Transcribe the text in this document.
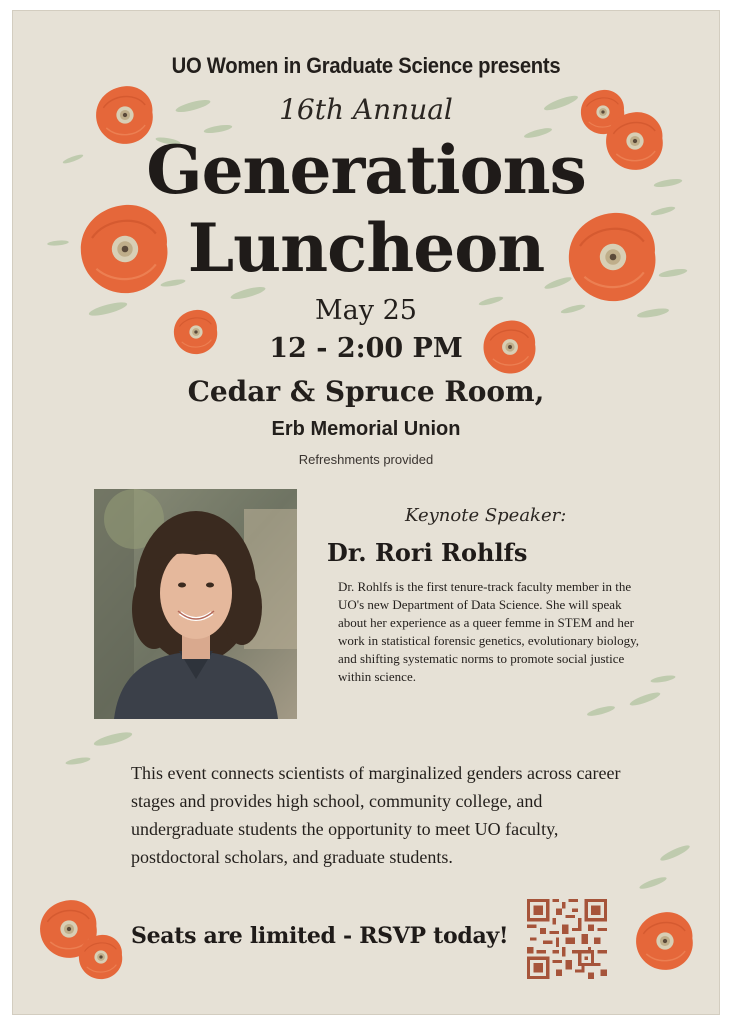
UO Women in Graduate Science presents

16th Annual

Generations

Luncheon

May 25

12 - 2:00 PM

Cedar & Spruce Room,

Erb Memorial Union

Refreshments provided

Keynote Speaker:

Dr. Rori Rohlfs

Dr. Rohlfs is the first tenure-track faculty member in the UO's new Department of Data Science. She will speak about her experience as a queer femme in STEM and her work in statistical forensic genetics, evolutionary biology, and shifting systematic norms to promote social justice within science.

This event connects scientists of marginalized genders across career stages and provides high school, community college, and undergraduate students the opportunity to meet UO faculty, postdoctoral scholars, and graduate students.

Seats are limited - RSVP today!
